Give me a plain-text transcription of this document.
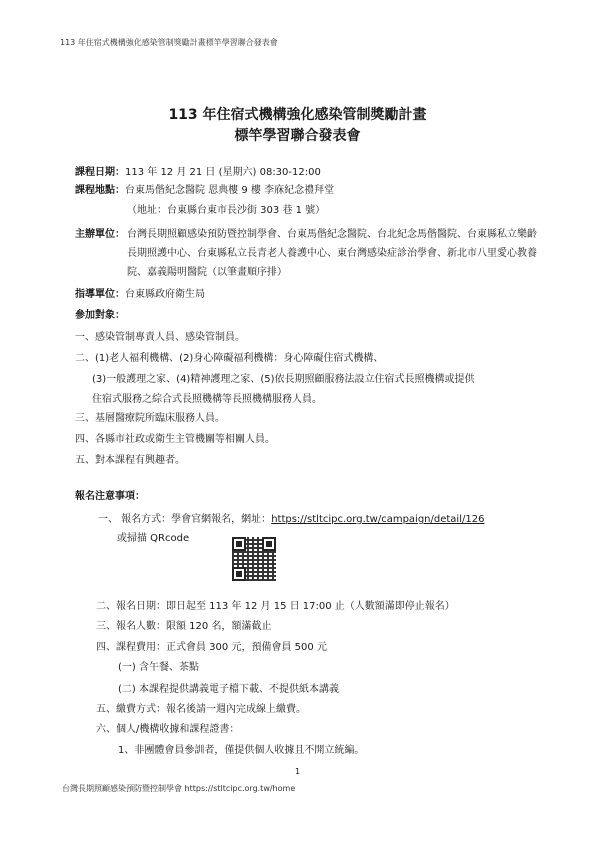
113 年住宿式機構強化感染管制獎勵計畫標竿學習聯合發表會
113 年住宿式機構強化感染管制獎勵計畫
標竿學習聯合發表會
課程日期：113 年 12 月 21 日 (星期六) 08:30-12:00
課程地點：台東馬偕紀念醫院 恩典樓 9 樓 李庥紀念禮拜堂
（地址：台東縣台東市長沙街 303 巷 1 號）
主辦單位： 台灣長期照顧感染預防暨控制學會、台東馬偕紀念醫院、台北紀念馬偕醫院、台東縣私立樂齡長期照護中心、台東縣私立長青老人養護中心、東台灣感染症診治學會、新北市八里愛心教養院、嘉義陽明醫院（以筆畫順序排）
指導單位：台東縣政府衛生局
參加對象：
一、感染管制專責人員、感染管制員。
二、(1)老人福利機構、(2)身心障礙福利機構：身心障礙住宿式機構、
(3)一般護理之家、(4)精神護理之家、(5)依長期照顧服務法設立住宿式長照機構或提供
住宿式服務之綜合式長照機構等長照機構服務人員。
三、基層醫療院所臨床服務人員。
四、各縣市社政或衛生主管機關等相關人員。
五、對本課程有興趣者。
報名注意事項：
一、 報名方式：學會官網報名，網址：https://stltcipc.org.tw/campaign/detail/126
或掃描 QRcode
二、報名日期：即日起至 113 年 12 月 15 日 17:00 止（人數額滿即停止報名）
三、報名人數：限額 120 名，額滿截止
四、課程費用：正式會員 300 元，預備會員 500 元
(一) 含午餐、茶點
(二) 本課程提供講義電子檔下載、不提供紙本講義
五、繳費方式：報名後請一週內完成線上繳費。
六、個人/機構收據和課程證書：
1、非團體會員參訓者，僅提供個人收據且不開立統編。
1
台灣長期照顧感染預防暨控制學會 https://stltcipc.org.tw/home
